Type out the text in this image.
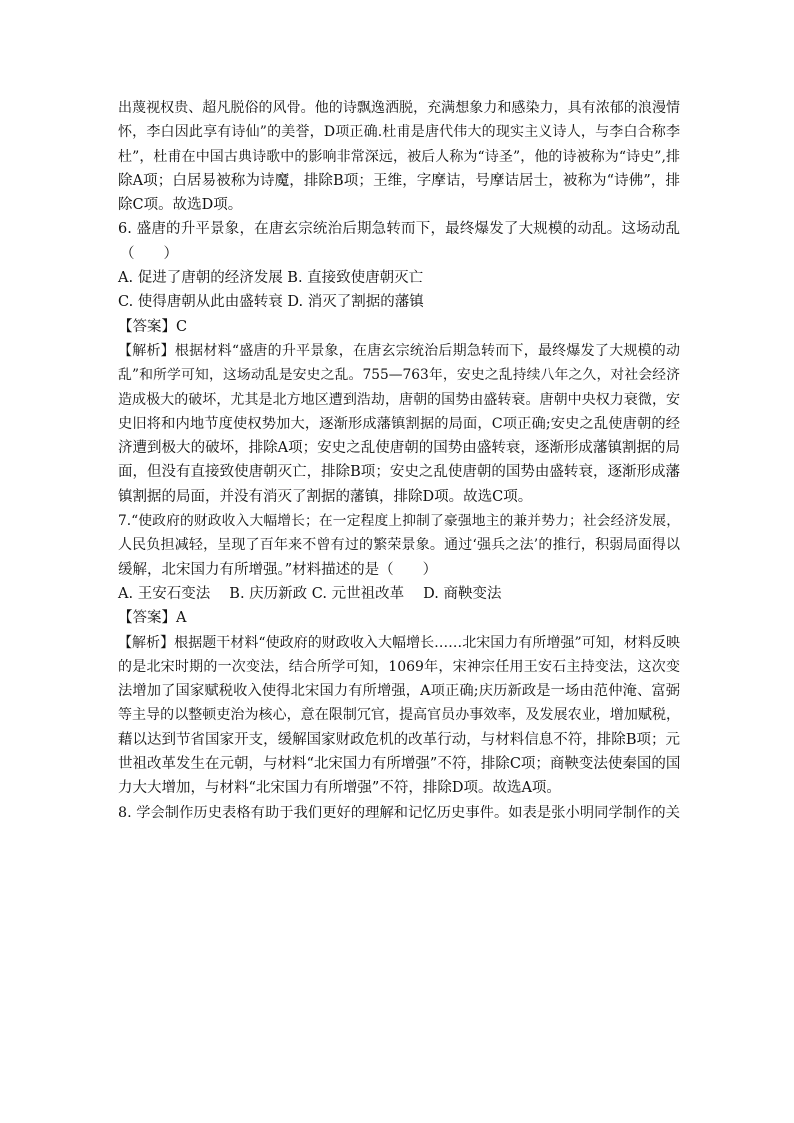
出蔑视权贵、超凡脱俗的风骨。他的诗飘逸洒脱，充满想象力和感染力，具有浓郁的浪漫情
怀，李白因此享有诗仙”的美誉，D项正确.杜甫是唐代伟大的现实主义诗人，与李白合称李
杜”，杜甫在中国古典诗歌中的影响非常深远，被后人称为“诗圣”，他的诗被称为“诗史”,排
除A项；白居易被称为诗魔，排除B项；王维，字摩诘，号摩诘居士，被称为“诗佛”，排
除C项。故选D项。
6. 盛唐的升平景象，在唐玄宗统治后期急转而下，最终爆发了大规模的动乱。这场动乱
（　　）
A. 促进了唐朝的经济发展 B. 直接致使唐朝灭亡
C. 使得唐朝从此由盛转衰 D. 消灭了割据的藩镇
【答案】C
【解析】根据材料“盛唐的升平景象，在唐玄宗统治后期急转而下，最终爆发了大规模的动
乱”和所学可知，这场动乱是安史之乱。755—763年，安史之乱持续八年之久，对社会经济
造成极大的破坏，尤其是北方地区遭到浩劫，唐朝的国势由盛转衰。唐朝中央权力衰微，安
史旧将和内地节度使权势加大，逐渐形成藩镇割据的局面，C项正确;安史之乱使唐朝的经
济遭到极大的破坏，排除A项；安史之乱使唐朝的国势由盛转衰，逐渐形成藩镇割据的局
面，但没有直接致使唐朝灭亡，排除B项；安史之乱使唐朝的国势由盛转衰，逐渐形成藩
镇割据的局面，并没有消灭了割据的藩镇，排除D项。故选C项。
7.“使政府的财政收入大幅增长；在一定程度上抑制了豪强地主的兼并势力；社会经济发展，
人民负担减轻，呈现了百年来不曾有过的繁荣景象。通过‘强兵之法’的推行，积弱局面得以
缓解，北宋国力有所增强。”材料描述的是（　　）
A. 王安石变法　 B. 庆历新政 C. 元世祖改革　 D. 商鞅变法
【答案】A
【解析】根据题干材料“使政府的财政收入大幅增长……北宋国力有所增强”可知，材料反映
的是北宋时期的一次变法，结合所学可知，1069年，宋神宗任用王安石主持变法，这次变
法增加了国家赋税收入使得北宋国力有所增强，A项正确;庆历新政是一场由范仲淹、富弼
等主导的以整顿吏治为核心，意在限制冗官，提高官员办事效率，及发展农业，增加赋税，
藉以达到节省国家开支，缓解国家财政危机的改革行动，与材料信息不符，排除B项；元
世祖改革发生在元朝，与材料“北宋国力有所增强”不符，排除C项；商鞅变法使秦国的国
力大大增加，与材料“北宋国力有所增强”不符，排除D项。故选A项。
8. 学会制作历史表格有助于我们更好的理解和记忆历史事件。如表是张小明同学制作的关
